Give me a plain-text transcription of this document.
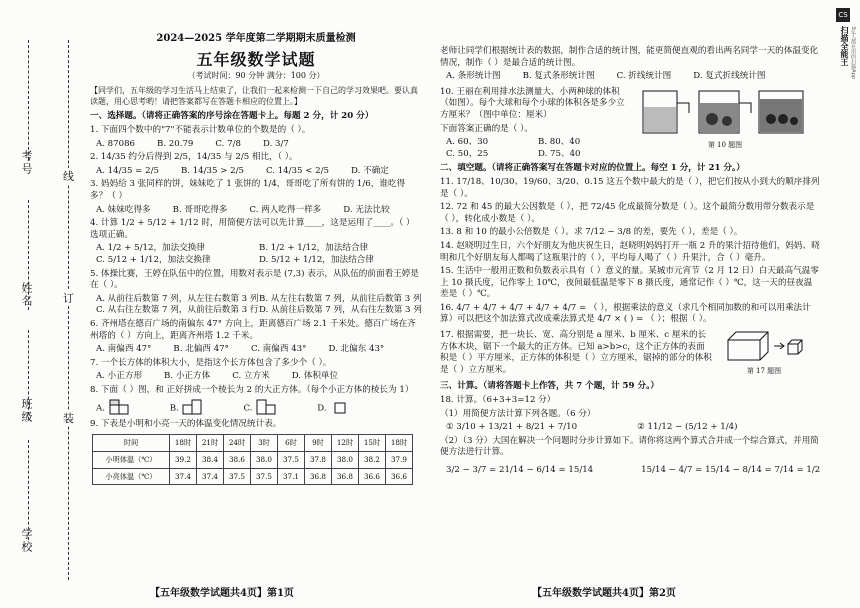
考号
姓名
班级
学校
线
订
装
2024—2025 学年度第二学期期末质量检测
五年级数学试题
（考试时间：90 分钟 满分：100 分）
【同学们，五年级的学习生活马上结束了，让我们一起来检测一下自己的学习效果吧。要认真读题，用心思考哟！请把答案都写在答题卡相应的位置上。】
一、选择题。（请将正确答案的序号涂在答题卡上。每题 2 分，计 20 分）
1. 下面四个数中的"7"不能表示计数单位的个数是的（ ）。
A. 87086	B. 20.79	C. 7/8	D. 3/7
2. 14/35 约分后得到 2/5，14/35 与 2/5 相比，（ ）。
A. 14/35 = 2/5	B. 14/35 > 2/5	C. 14/35 < 2/5	D. 不确定
3. 妈妈给 3 张同样的饼，妹妹吃了 1 张饼的 1/4，哥哥吃了所有饼的 1/6，谁吃得多？（ ）
A. 妹妹吃得多	B. 哥哥吃得多	C. 两人吃得一样多	D. 无法比较
4. 计算 1/2 + 5/12 + 1/12 时，用简便方法可以先计算____，这是运用了____。（ ）选项正确。
A. 1/2 + 5/12，加法交换律	B. 1/2 + 1/12，加法结合律
C. 5/12 + 1/12，加法交换律	D. 5/12 + 1/12，加法结合律
5. 体操比赛，王婷在队伍中的位置，用数对表示是 (7,3) 表示，从队伍的前面看王婷是在（ ）。
A. 从前往后数第 7 列，从左往右数第 3 列 B. 从左往右数第 7 列，从前往后数第 3 列
C. 从右往左数第 7 列，从前往后数第 3 行 D. 从前往后数第 7 列，从右往左数第 3 列
6. 齐州塔在德百广场的南偏东 47° 方向上，距离德百广场 2.1 千米处。德百广场在齐州塔的（ ）方向上，距离齐州塔 1.2 千米。
A. 南偏西 47°	B. 北偏西 47°	C. 南偏西 43°	D. 北偏东 43°
7. 一个长方体的体积大小，是指这个长方体包含了多少个（ ）。
A. 小正方形	B. 小正方体	C. 立方米	D. 体积单位
8. 下面（ ）图，和 正好拼成一个棱长为 2 的大正方体。（每个小正方体的棱长为 1）
A.	B.	C.	D.
9. 下表是小明和小亮一天的体温变化情况统计表。
时间	18时	21时	24时	3时	6时	9时	12时	15时	18时
小明体温（℃）	39.2	38.4	38.6	38.0	37.5	37.8	38.0	38.2	37.9
小亮体温（℃）	37.4	37.4	37.5	37.5	37.1	36.8	36.8	36.6	36.6
【五年级数学试题共4页】第1页
老师让同学们根据统计表的数据，制作合适的统计图，能更简便直观的看出两名同学一天的体温变化情况，制作（ ）是最合适的统计图。
A. 条形统计图	B. 复式条形统计图	C. 折线统计图	D. 复式折线统计图
10. 王丽在利用排水法测量大、小两种球的体积（如图）。每个大球和每个小球的体积各是多少立方厘米？（图中单位：厘米）
下面答案正确的是（ ）。
A. 60、30	B. 80、40
C. 50、25	D. 75、40
第 10 题图
二、填空题。（请将正确答案写在答题卡对应的位置上。每空 1 分，计 21 分。）
11. 17/18、10/30、19/60、3/20、0.15 这五个数中最大的是（ ），把它们按从小到大的顺序排列是（ ）。
12. 72 和 45 的最大公因数是（ ），把 72/45 化成最简分数是（ ）。这个最简分数用带分数表示是（ ），转化成小数是（ ）。
13. 8 和 10 的最小公倍数是（ ）。求 7/12 − 3/8 的差，要先（ ），差是（ ）。
14. 赵晓明过生日，六个好朋友为他庆祝生日，赵晓明妈妈打开一瓶 2 升的果汁招待他们，妈妈、晓明和几个好朋友每人都喝了这瓶果汁的（ ），平均每人喝了（ ）升果汁，合（ ）毫升。
15. 生活中一般用正数和负数表示具有（ ）意义的量。某城市元宵节（2 月 12 日）白天最高气温零上 10 摄氏度，记作零上 10℃，夜间最低温是零下 8 摄氏度，通常记作（ ）℃，这一天的昼夜温差是（ ）℃。
16. 4/7 + 4/7 + 4/7 + 4/7 + 4/7 = （ ），根据乘法的意义（求几个相同加数的和可以用乘法计算）可以把这个加法算式改成乘法算式是 4/7 × ( ) = （ ）；根据（ ）。
17. 根据需要，把一块长、宽、高分别是 a 厘米、b 厘米、c 厘米的长方体木块，锯下一个最大的正方体。已知 a>b>c，这个正方体的表面积是（ ）平方厘米，正方体的体积是（ ）立方厘米，锯掉的部分的体积是（ ）立方厘米。	第 17 题图
三、计算。（请将答题卡上作答，共 7 个题，计 59 分。）
18. 计算。（6+3+3=12 分）
（1）用简便方法计算下列各题。（6 分）
① 3/10 + 13/21 + 8/21 + 7/10	② 11/12 − (5/12 + 1/4)
（2）（3 分）大国在解决一个问题时分步计算如下。请你将这两个算式合并成一个综合算式，并用简便方法进行计算。
3/2 − 3/7 = 21/14 − 6/14 = 15/14	15/14 − 4/7 = 15/14 − 8/14 = 7/14 = 1/2
【五年级数学试题共4页】第2页
CS
扫描全能王 3亿人都在用的扫描App
